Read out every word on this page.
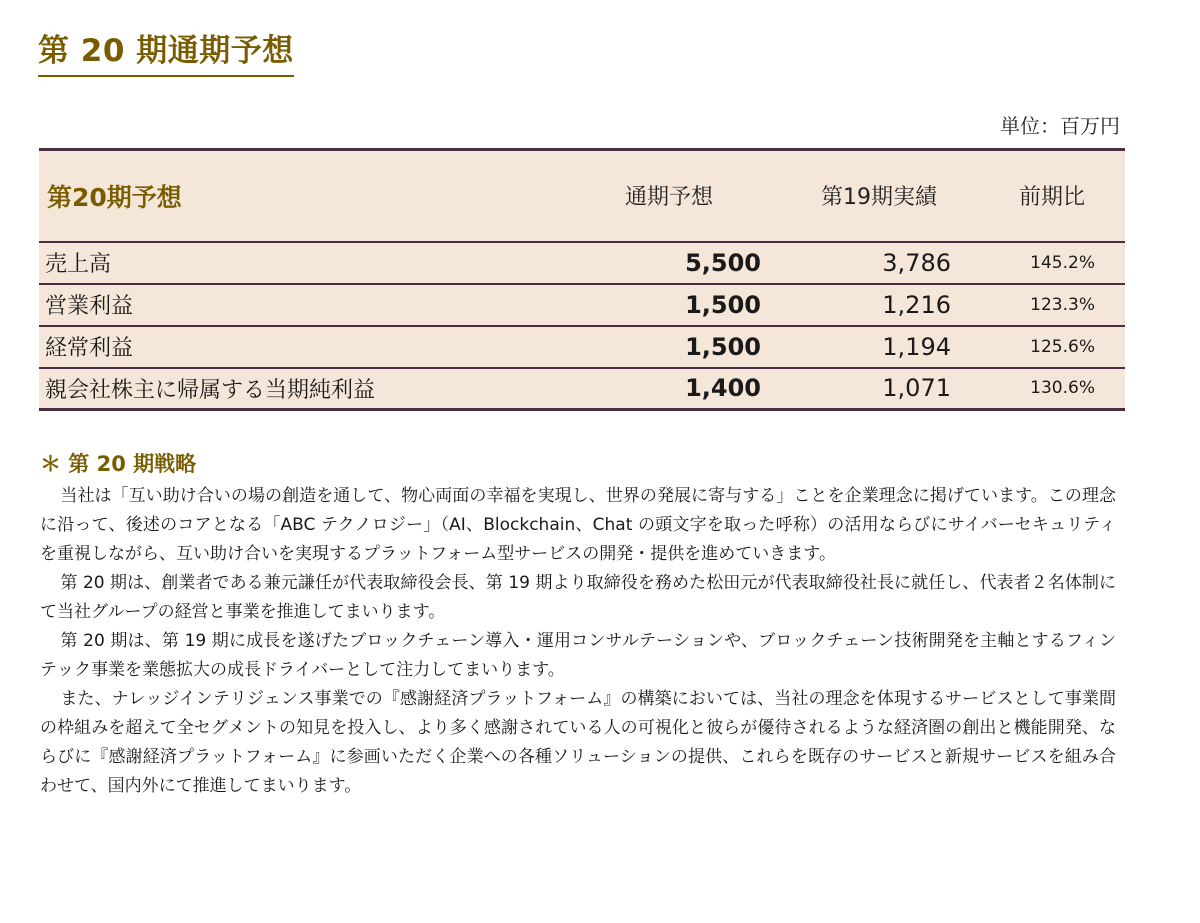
第 20 期通期予想
単位：百万円
第20期予想	通期予想	第19期実績	前期比
売上高	5,500	3,786	145.2%
営業利益	1,500	1,216	123.3%
経常利益	1,500	1,194	125.6%
親会社株主に帰属する当期純利益	1,400	1,071	130.6%
＊ 第 20 期戦略

当社は「互い助け合いの場の創造を通して、物心両面の幸福を実現し、世界の発展に寄与する」ことを企業理念に掲げています。この理念に沿って、後述のコアとなる「ABC テクノロジー」（AI、Blockchain、Chat の頭文字を取った呼称）の活用ならびにサイバーセキュリティを重視しながら、互い助け合いを実現するプラットフォーム型サービスの開発・提供を進めていきます。

第 20 期は、創業者である兼元謙任が代表取締役会長、第 19 期より取締役を務めた松田元が代表取締役社長に就任し、代表者２名体制にて当社グループの経営と事業を推進してまいります。

第 20 期は、第 19 期に成長を遂げたブロックチェーン導入・運用コンサルテーションや、ブロックチェーン技術開発を主軸とするフィンテック事業を業態拡大の成長ドライバーとして注力してまいります。

また、ナレッジインテリジェンス事業での『感謝経済プラットフォーム』の構築においては、当社の理念を体現するサービスとして事業間の枠組みを超えて全セグメントの知見を投入し、より多く感謝されている人の可視化と彼らが優待されるような経済圏の創出と機能開発、ならびに『感謝経済プラットフォーム』に参画いただく企業への各種ソリューションの提供、これらを既存のサービスと新規サービスを組み合わせて、国内外にて推進してまいります。
